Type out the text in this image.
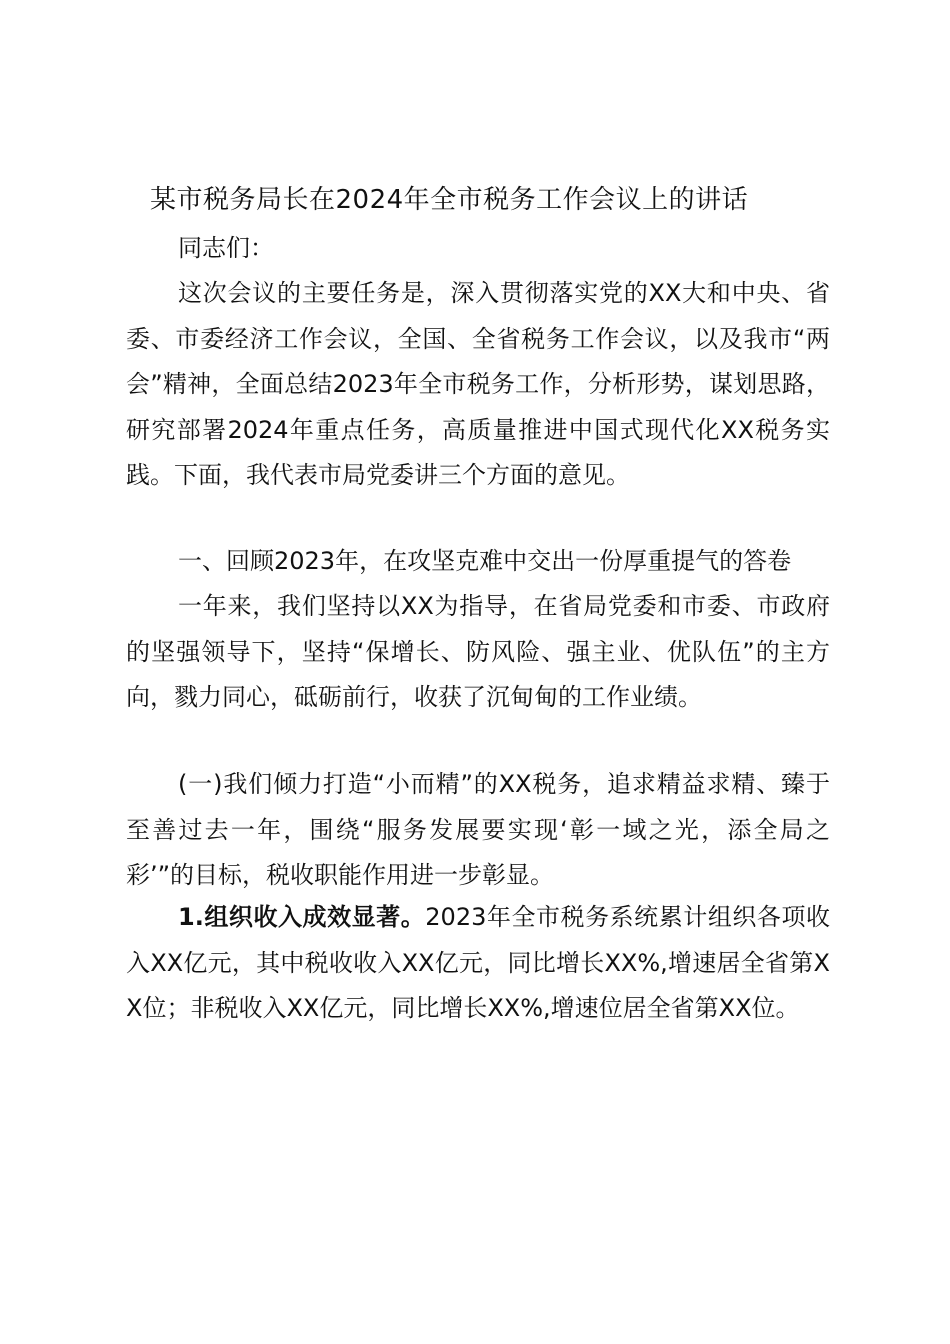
某市税务局长在2024年全市税务工作会议上的讲话
同志们：
这次会议的主要任务是，深入贯彻落实党的XX大和中央、省委、市委经济工作会议，全国、全省税务工作会议，以及我市“两会”精神，全面总结2023年全市税务工作，分析形势，谋划思路，研究部署2024年重点任务，高质量推进中国式现代化XX税务实践。下面，我代表市局党委讲三个方面的意见。
一、回顾2023年，在攻坚克难中交出一份厚重提气的答卷
一年来，我们坚持以XX为指导，在省局党委和市委、市政府的坚强领导下，坚持“保增长、防风险、强主业、优队伍”的主方向，戮力同心，砥砺前行，收获了沉甸甸的工作业绩。
(一)我们倾力打造“小而精”的XX税务，追求精益求精、臻于至善过去一年，围绕“服务发展要实现‘彰一域之光，添全局之彩’”的目标，税收职能作用进一步彰显。
1.组织收入成效显著。2023年全市税务系统累计组织各项收入XX亿元，其中税收收入XX亿元，同比增长XX%,增速居全省第XX位；非税收入XX亿元，同比增长XX%,增速位居全省第XX位。
